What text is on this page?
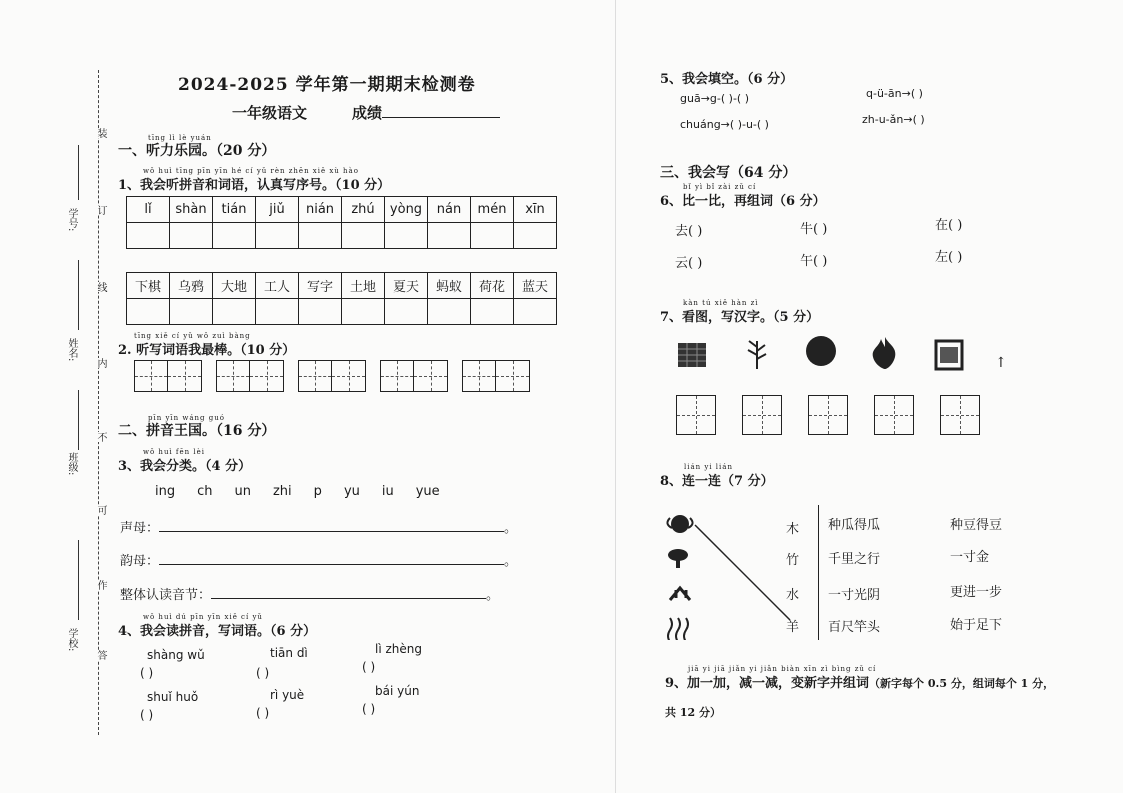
学校:
班级:
姓名:
学号:
装
订
线
内
不
可
作
答
2024-2025 学年第一期期末检测卷
一年级语文	成绩
tīng lì lè yuán
一、听力乐园。（20 分）
wǒ huì tīng pīn yīn hé cí yǔ rèn zhēn xiě xù hào
1、我会听拼音和词语，认真写序号。（10 分）
lǐ	shàn	tián	jiǔ	nián	zhú	yòng	nán	mén	xīn

下棋	乌鸦	大地	工人	写字	土地	夏天	蚂蚁	荷花	蓝天

tīng xiě cí yǔ wǒ zuì bàng
2. 听写词语我最棒。（10 分）
pīn yīn wáng guó
二、拼音王国。（16 分）
wǒ huì fēn lèi
3、我会分类。（4 分）
ing ch un zhi p yu iu yue
声母：	。
韵母：	。
整体认读音节：	。
wǒ huì dú pīn yīn xiě cí yǔ
4、我会读拼音，写词语。（6 分）
shàng wǔ	tiān dì	lì zhèng
( )	( )	( )
shuǐ huǒ	rì yuè	bái yún
( )	( )	( )
5、我会填空。（6 分）
guā→g-( )-( )	q-ü-ān→( )
chuáng→( )-u-( )	zh-u-ǎn→( )
三、我会写（64 分）
bǐ yì bǐ zài zǔ cí
6、比一比，再组词（6 分）
去( )	牛( )	在( )
云( )	午( )	左( )
kàn tú xiě hàn zì
7、看图，写汉字。（5 分）
↑
lián yi lián
8、连一连（7 分）
木
竹
水
羊
种瓜得瓜
千里之行
一寸光阴
百尺竿头
种豆得豆
一寸金
更进一步
始于足下
jiā yi jiā jiǎn yi jiǎn biàn xīn zì bìng zǔ cí
9、加一加，减一减，变新字并组词（新字每个 0.5 分，组词每个 1 分，
共 12 分）
